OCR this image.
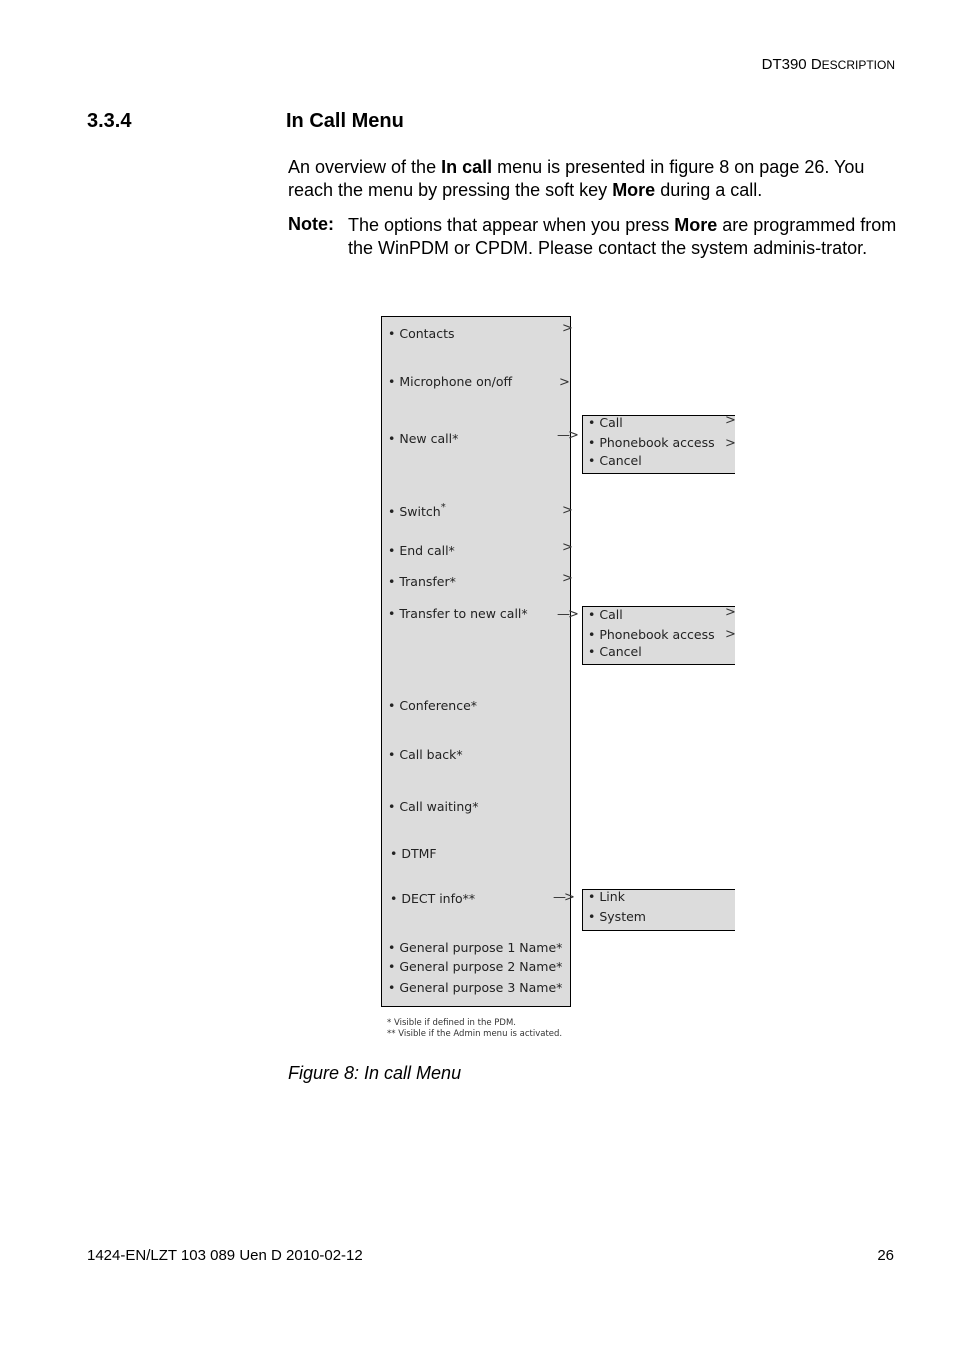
DT390 DESCRIPTION
3.3.4	In Call Menu
An overview of the In call menu is presented in figure 8 on page 26. You reach the menu by pressing the soft key More during a call.
Note: The options that appear when you press More are programmed from the WinPDM or CPDM. Please contact the system adminis-trator.
• Contacts	>
• Microphone on/off	>
• New call*	—>
• Switch*	>
• End call*	>
• Transfer*	>
• Transfer to new call* —>
• Conference*
• Call back*
• Call waiting*
• DTMF
• DECT info**	—>
• General purpose 1 Name*
• General purpose 2 Name*
• General purpose 3 Name*
• Call	>
• Phonebook access >
• Cancel
• Call	>
• Phonebook access >
• Cancel
• Link
• System
* Visible if defined in the PDM.
** Visible if the Admin menu is activated.
Figure 8: In call Menu
1424-EN/LZT 103 089 Uen D 2010-02-12	26
